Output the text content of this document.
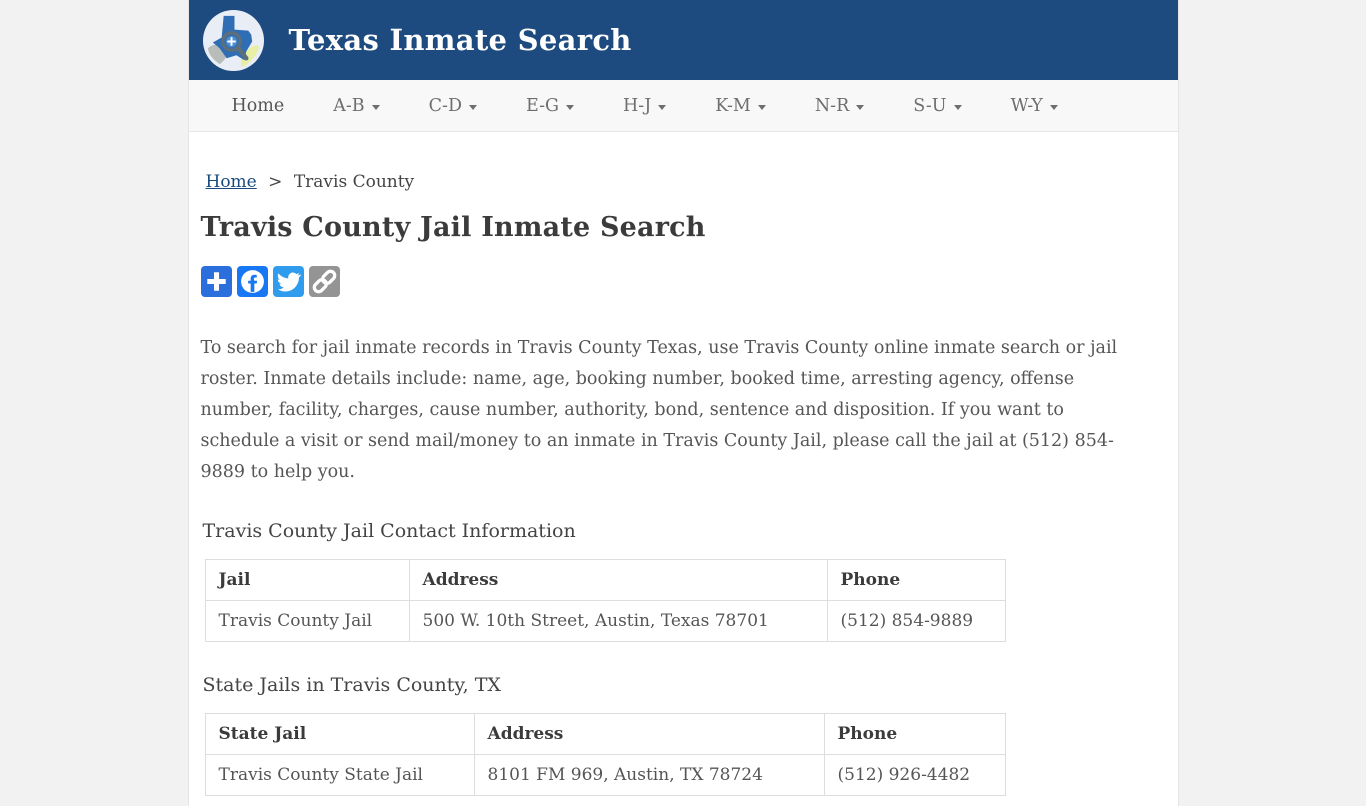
Texas Inmate Search
Home	A-B	C-D	E-G	H-J	K-M	N-R	S-U	W-Y
Home > Travis County
Travis County Jail Inmate Search

To search for jail inmate records in Travis County Texas, use Travis County online inmate search or jail roster. Inmate details include: name, age, booking number, booked time, arresting agency, offense number, facility, charges, cause number, authority, bond, sentence and disposition. If you want to schedule a visit or send mail/money to an inmate in Travis County Jail, please call the jail at (512) 854-9889 to help you.

Travis County Jail Contact Information
Jail	Address	Phone
Travis County Jail	500 W. 10th Street, Austin, Texas 78701	(512) 854-9889
State Jails in Travis County, TX
State Jail	Address	Phone
Travis County State Jail	8101 FM 969, Austin, TX 78724	(512) 926-4482
